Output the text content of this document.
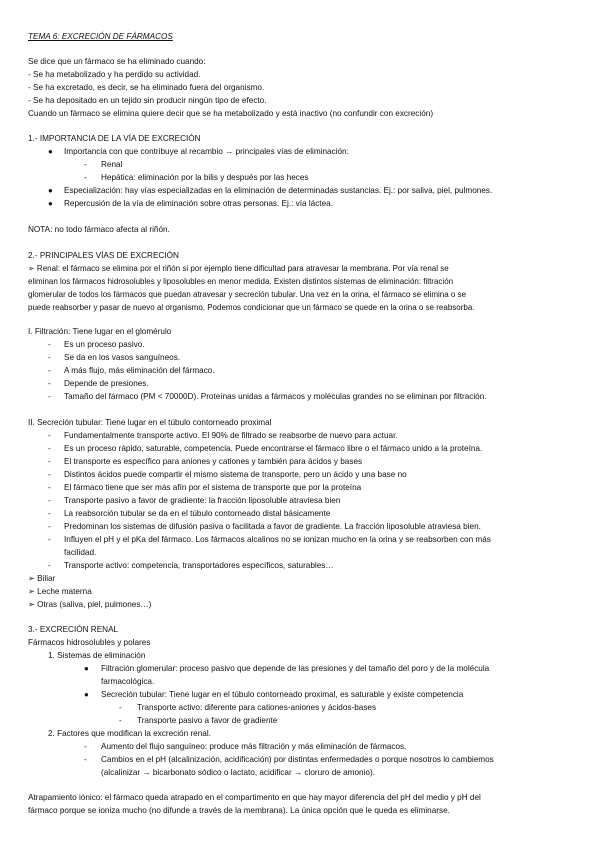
TEMA 6: EXCRECIÓN DE FÁRMACOS
Se dice que un fármaco se ha eliminado cuando:
- Se ha metabolizado y ha perdido su actividad.
- Se ha excretado, es decir, se ha eliminado fuera del organismo.
- Se ha depositado en un tejido sin producir ningún tipo de efecto.
Cuando un fármaco se elimina quiere decir que se ha metabolizado y está inactivo (no confundir con excreción)
1.- IMPORTANCIA DE LA VÍA DE EXCRECIÓN
● Importancia con que contribuye al recambio → principales vías de eliminación:
- Renal
- Hepática: eliminación por la bilis y después por las heces
● Especialización: hay vías especializadas en la eliminación de determinadas sustancias. Ej.: por saliva, piel, pulmones.
● Repercusión de la vía de eliminación sobre otras personas. Ej.: vía láctea.
NOTA: no todo fármaco afecta al riñón.
2.- PRINCIPALES VÍAS DE EXCRECIÓN
➢ Renal: el fármaco se elimina por el riñón si por ejemplo tiene dificultad para atravesar la membrana. Por vía renal se
eliminan los fármacos hidrosolubles y liposolubles en menor medida. Existen distintos sistemas de eliminación: filtración
glomerular de todos los fármacos que puedan atravesar y secreción tubular. Una vez en la orina, el fármaco se elimina o se
puede reabsorber y pasar de nuevo al organismo. Podemos condicionar que un fármaco se quede en la orina o se reabsorba.
I. Filtración: Tiene lugar en el glomérulo
- Es un proceso pasivo.
- Se da en los vasos sanguíneos.
- A más flujo, más eliminación del fármaco.
- Depende de presiones.
- Tamaño del fármaco (PM < 70000D). Proteínas unidas a fármacos y moléculas grandes no se eliminan por filtración.
II. Secreción tubular: Tiene lugar en el túbulo contorneado proximal
- Fundamentalmente transporte activo. El 90% de filtrado se reabsorbe de nuevo para actuar.
- Es un proceso rápido, saturable, competencia. Puede encontrarse el fármaco libre o el fármaco unido a la proteína.
- El transporte es específico para aniones y cationes y también para ácidos y bases
- Distintos ácidos puede compartir el mismo sistema de transporte, pero un ácido y una base no
- El fármaco tiene que ser más afín por el sistema de transporte que por la proteína
- Transporte pasivo a favor de gradiente: la fracción liposoluble atraviesa bien
- La reabsorción tubular se da en el túbulo contorneado distal básicamente
- Predominan los sistemas de difusión pasiva o facilitada a favor de gradiente. La fracción liposoluble atraviesa bien.
- Influyen el pH y el pKa del fármaco. Los fármacos alcalinos no se ionizan mucho en la orina y se reabsorben con más
facilidad.
- Transporte activo: competencia, transportadores específicos, saturables…
➢ Biliar
➢ Leche materna
➢ Otras (saliva, piel, pulmones…)
3.- EXCRECIÓN RENAL
Fármacos hidrosolubles y polares
1. Sistemas de eliminación
● Filtración glomerular: proceso pasivo que depende de las presiones y del tamaño del poro y de la molécula
farmacológica.
● Secreción tubular: Tiene lugar en el túbulo contorneado proximal, es saturable y existe competencia
- Transporte activo: diferente para cationes-aniones y ácidos-bases
- Transporte pasivo a favor de gradiente
2. Factores que modifican la excreción renal.
- Aumento del flujo sanguíneo: produce más filtración y más eliminación de fármacos.
- Cambios en el pH (alcalinización, acidificación) por distintas enfermedades o porque nosotros lo cambiemos
(alcalinizar → bicarbonato sódico o lactato, acidificar → cloruro de amonio).
Atrapamiento iónico: el fármaco queda atrapado en el compartimento en que hay mayor diferencia del pH del medio y pH del
fármaco porque se ioniza mucho (no difunde a través de la membrana). La única opción que le queda es eliminarse.
